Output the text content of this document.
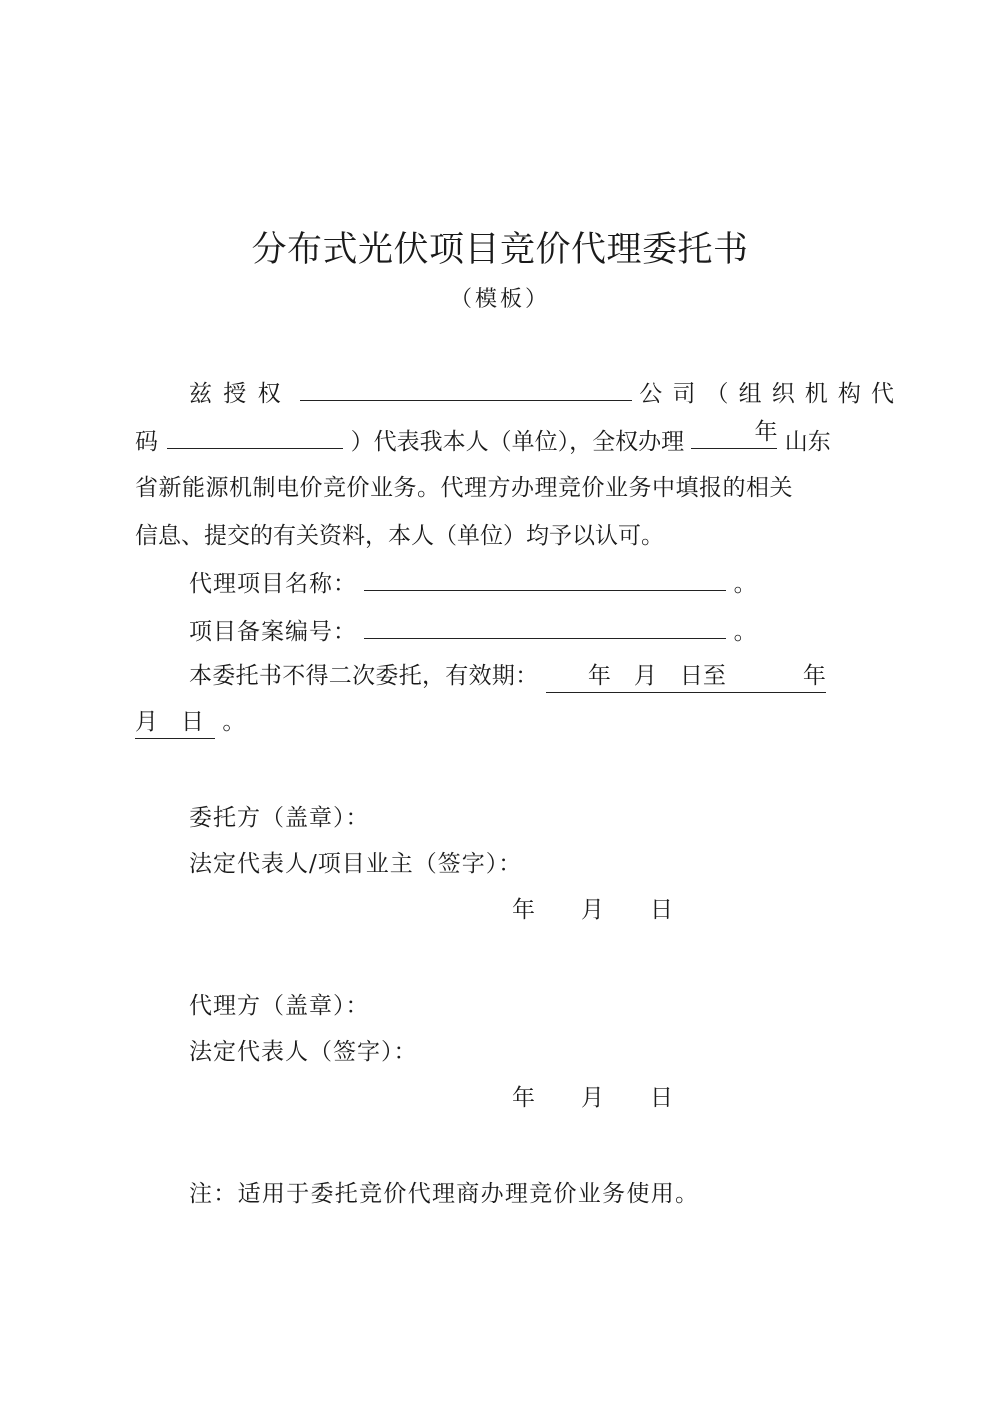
分布式光伏项目竞价代理委托书
（模板）
兹 授 权	公 司 （ 组 织 机 构 代
码	）代表我本人（单位），全权办理	年 山东
省新能源机制电价竞价业务。代理方办理竞价业务中填报的相关
信息、提交的有关资料，本人（单位）均予以认可。
代理项目名称：	。
项目备案编号：	。
本委托书不得二次委托，有效期： 年　月　日至	年
月　日 。
委托方（盖章）：
法定代表人/项目业主（签字）：
年　　月　　日
代理方（盖章）：
法定代表人（签字）：
年　　月　　日
注：适用于委托竞价代理商办理竞价业务使用。
